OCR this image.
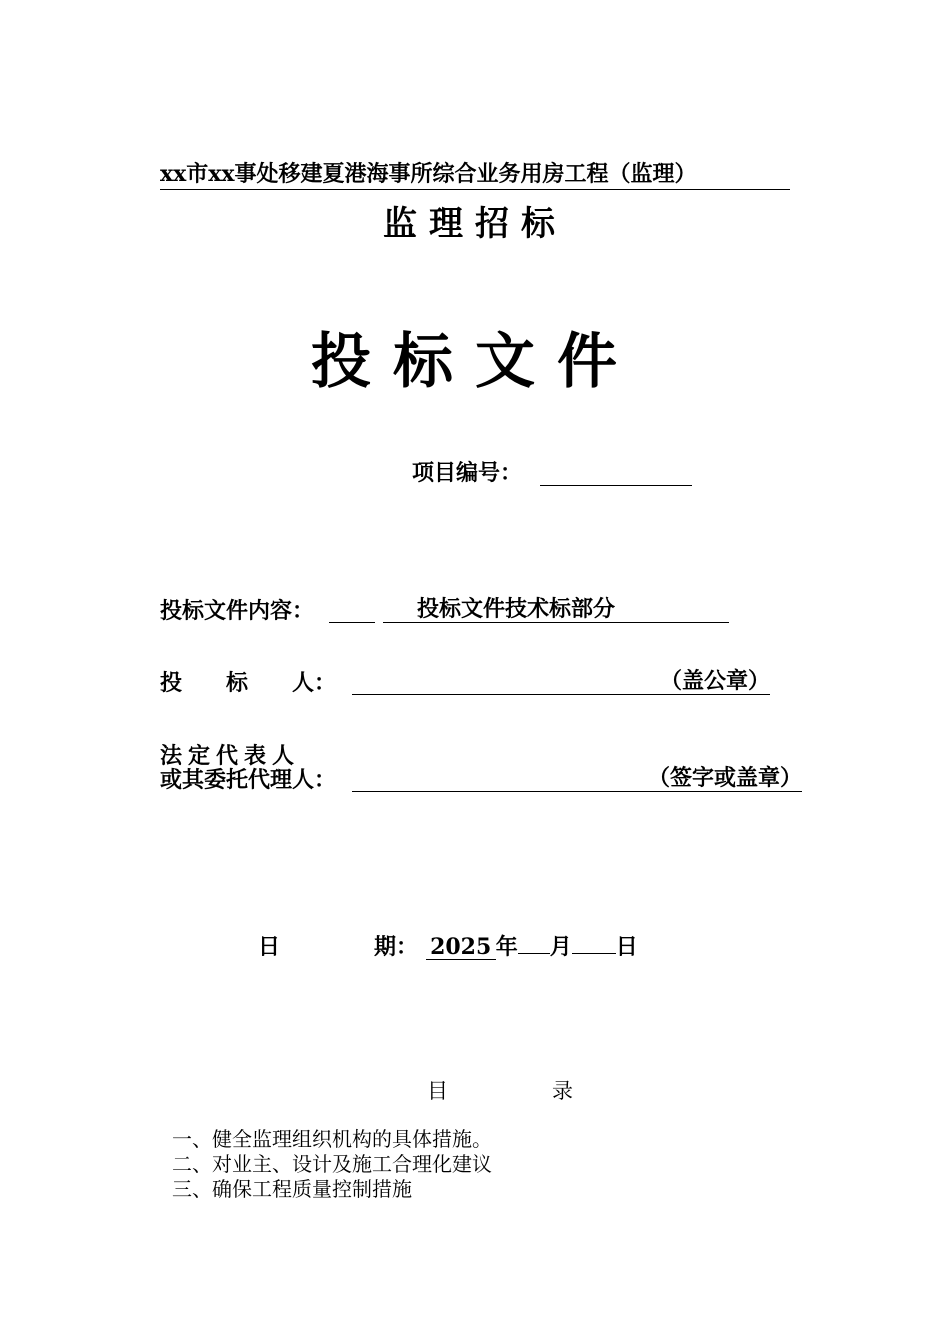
xx市xx事处移建夏港海事所综合业务用房工程（监理）
监理招标
投标文件
项目编号：
投标文件内容：	投标文件技术标部分
投 标 人：	（盖公章）
法定代表人
或其委托代理人：	（签字或盖章）
日	期： 2025 年 月 日
目	录
一、健全监理组织机构的具体措施。
二、对业主、设计及施工合理化建议
三、确保工程质量控制措施
